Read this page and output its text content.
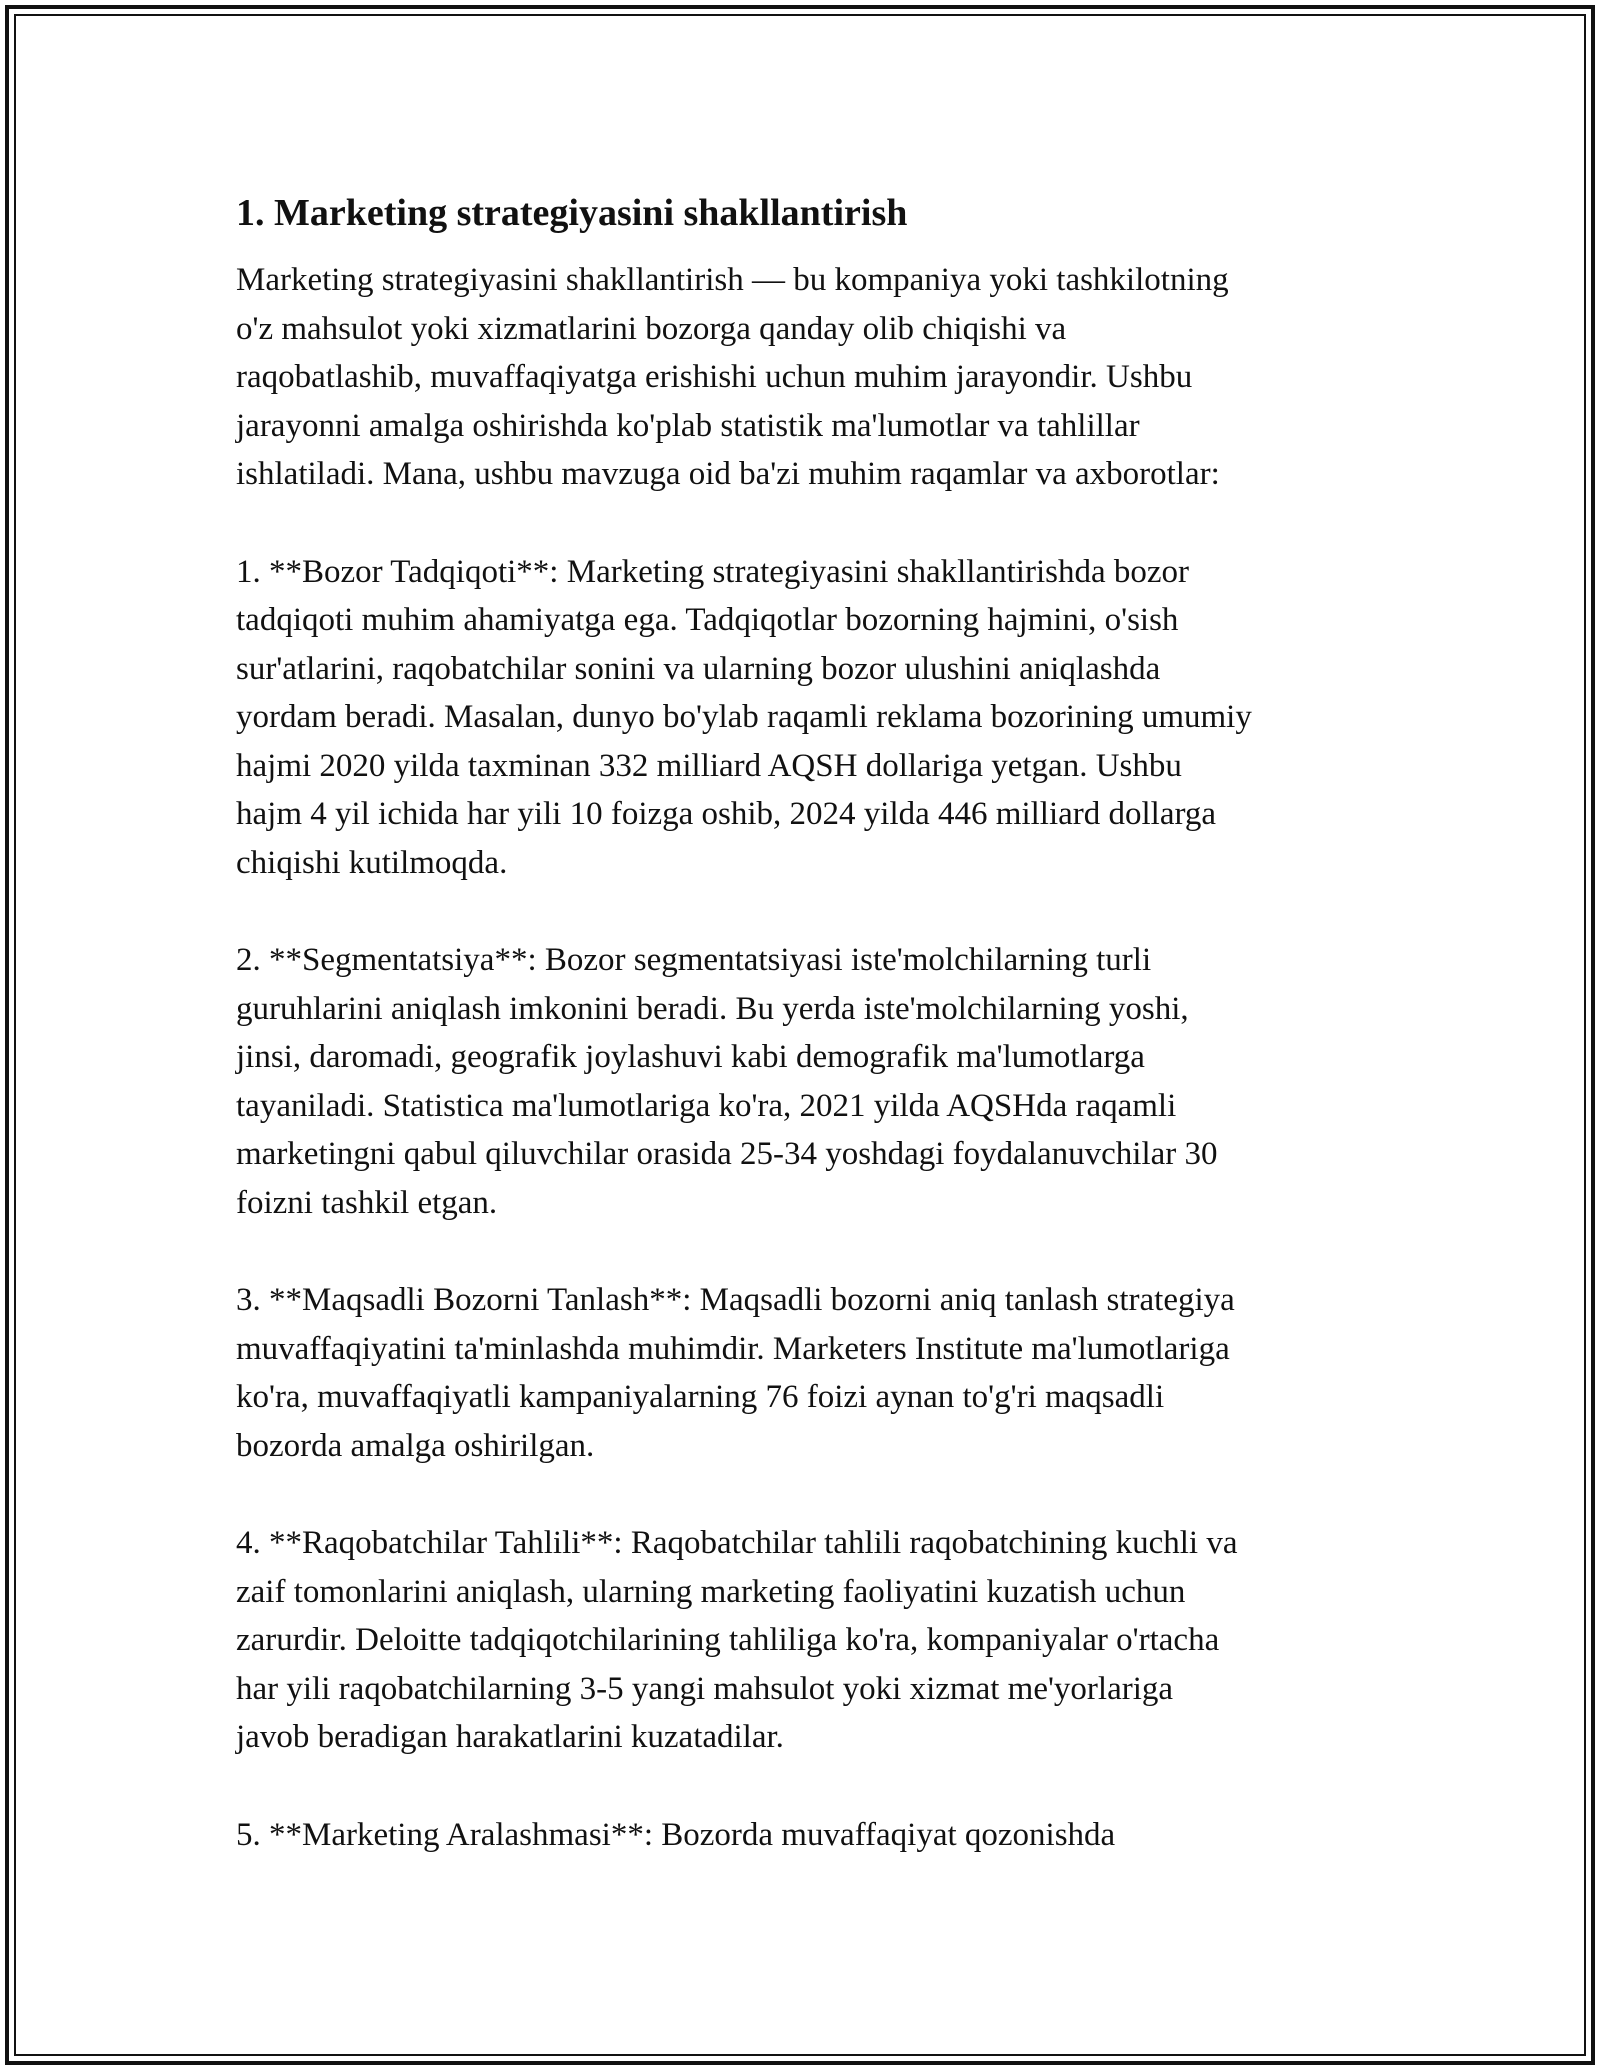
1. Marketing strategiyasini shakllantirish

Marketing strategiyasini shakllantirish — bu kompaniya yoki tashkilotning
o'z mahsulot yoki xizmatlarini bozorga qanday olib chiqishi va
raqobatlashib, muvaffaqiyatga erishishi uchun muhim jarayondir. Ushbu
jarayonni amalga oshirishda ko'plab statistik ma'lumotlar va tahlillar
ishlatiladi. Mana, ushbu mavzuga oid ba'zi muhim raqamlar va axborotlar:

1. **Bozor Tadqiqoti**: Marketing strategiyasini shakllantirishda bozor
tadqiqoti muhim ahamiyatga ega. Tadqiqotlar bozorning hajmini, o'sish
sur'atlarini, raqobatchilar sonini va ularning bozor ulushini aniqlashda
yordam beradi. Masalan, dunyo bo'ylab raqamli reklama bozorining umumiy
hajmi 2020 yilda taxminan 332 milliard AQSH dollariga yetgan. Ushbu
hajm 4 yil ichida har yili 10 foizga oshib, 2024 yilda 446 milliard dollarga
chiqishi kutilmoqda.

2. **Segmentatsiya**: Bozor segmentatsiyasi iste'molchilarning turli
guruhlarini aniqlash imkonini beradi. Bu yerda iste'molchilarning yoshi,
jinsi, daromadi, geografik joylashuvi kabi demografik ma'lumotlarga
tayaniladi. Statistica ma'lumotlariga ko'ra, 2021 yilda AQSHda raqamli
marketingni qabul qiluvchilar orasida 25-34 yoshdagi foydalanuvchilar 30
foizni tashkil etgan.

3. **Maqsadli Bozorni Tanlash**: Maqsadli bozorni aniq tanlash strategiya
muvaffaqiyatini ta'minlashda muhimdir. Marketers Institute ma'lumotlariga
ko'ra, muvaffaqiyatli kampaniyalarning 76 foizi aynan to'g'ri maqsadli
bozorda amalga oshirilgan.

4. **Raqobatchilar Tahlili**: Raqobatchilar tahlili raqobatchining kuchli va
zaif tomonlarini aniqlash, ularning marketing faoliyatini kuzatish uchun
zarurdir. Deloitte tadqiqotchilarining tahliliga ko'ra, kompaniyalar o'rtacha
har yili raqobatchilarning 3-5 yangi mahsulot yoki xizmat me'yorlariga
javob beradigan harakatlarini kuzatadilar.

5. **Marketing Aralashmasi**: Bozorda muvaffaqiyat qozonishda
